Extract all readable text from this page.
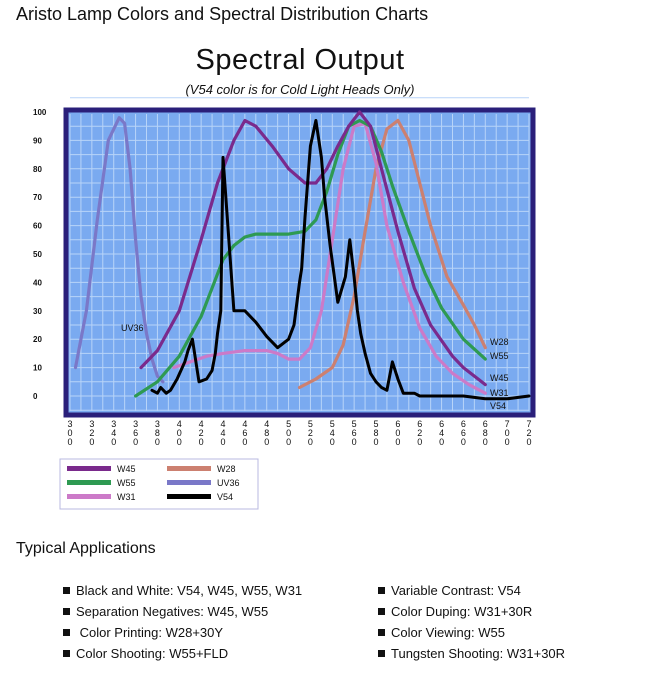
Aristo Lamp Colors and Spectral Distribution Charts
Spectral Output
(V54 color is for Cold Light Heads Only)
0
10
20
30
40
50
60
70
80
90
100
3 0 0
3 2 0
3 4 0
3 6 0
3 8 0
4 0 0
4 2 0
4 4 0
4 6 0
4 8 0
5 0 0
5 2 0
5 4 0
5 6 0
5 8 0
6 0 0
6 2 0
6 4 0
6 6 0
6 8 0
7 0 0
7 2 0
W45
W55
W31
W28
UV36
V54
W45	W28
W55	UV36
W31	V54
Typical Applications
Black and White: V54, W45, W55, W31
Separation Negatives: W45, W55
Color Printing: W28+30Y
Color Shooting: W55+FLD
Variable Contrast: V54
Color Duping: W31+30R
Color Viewing: W55
Tungsten Shooting: W31+30R
